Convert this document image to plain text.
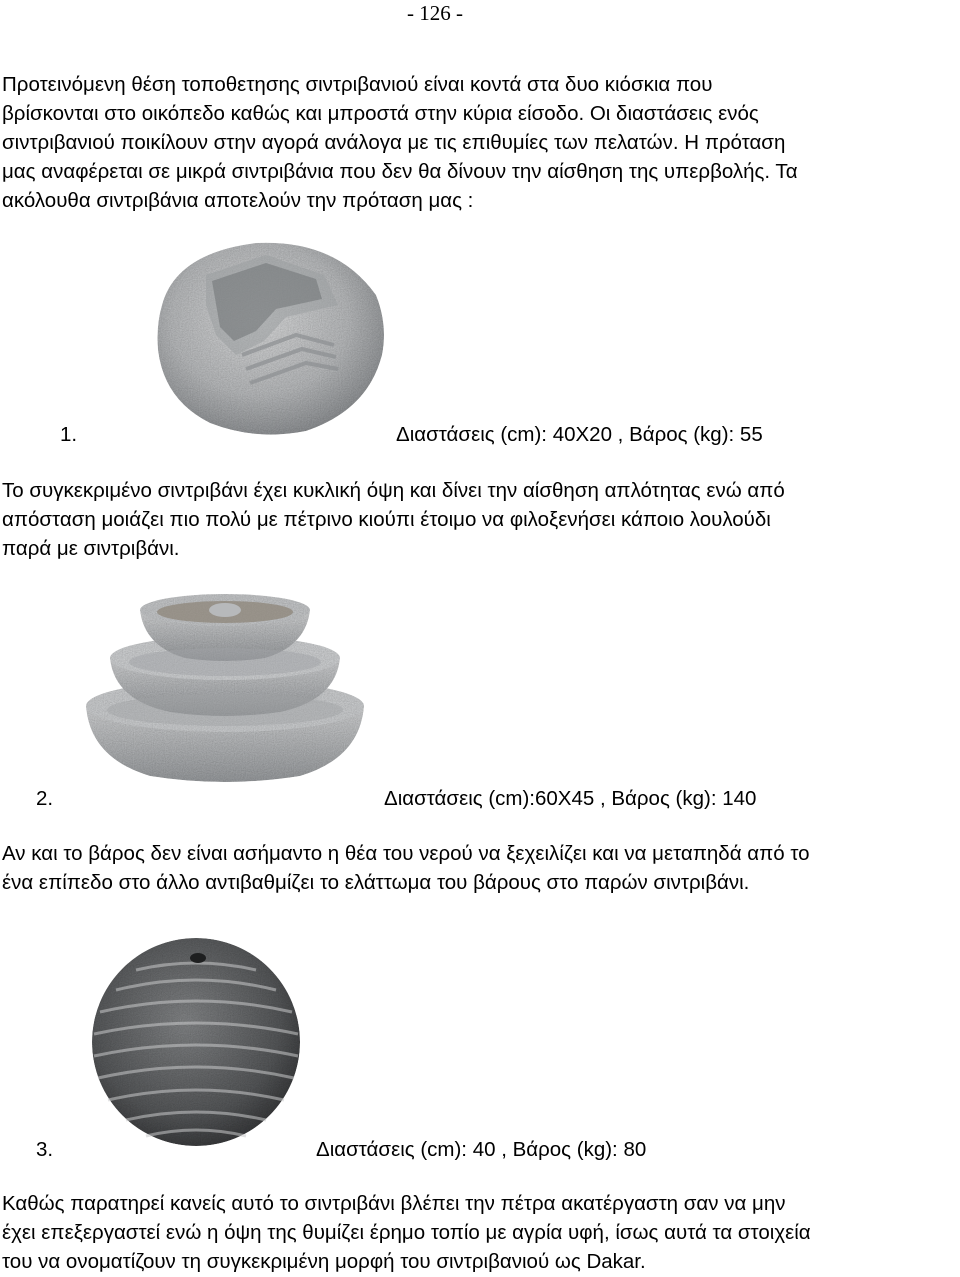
- 126 -

Προτεινόμενη θέση τοποθετησης σιντριβανιού είναι κοντά στα δυο κιόσκια που
βρίσκονται στο οικόπεδο καθώς και μπροστά στην κύρια είσοδο. Οι διαστάσεις ενός
σιντριβανιού ποικίλουν στην αγορά ανάλογα με τις επιθυμίες των πελατών. Η πρόταση
μας αναφέρεται σε μικρά σιντριβάνια που δεν θα δίνουν την αίσθηση της υπερβολής. Τα
ακόλουθα σιντριβάνια αποτελούν την πρόταση μας :

1.	Διαστάσεις (cm): 40Χ20 , Βάρος (kg): 55

Το συγκεκριμένο σιντριβάνι έχει κυκλική όψη και δίνει την αίσθηση απλότητας ενώ από
απόσταση μοιάζει πιο πολύ με πέτρινο κιούπι έτοιμο να φιλοξενήσει κάποιο λουλούδι
παρά με σιντριβάνι.

2.	Διαστάσεις (cm):60Χ45 , Βάρος (kg): 140

Αν και το βάρος δεν είναι ασήμαντο η θέα του νερού να ξεχειλίζει και να μεταπηδά από το
ένα επίπεδο στο άλλο αντιβαθμίζει το ελάττωμα του βάρους στο παρών σιντριβάνι.

3.	Διαστάσεις (cm): 40 , Βάρος (kg): 80

Καθώς παρατηρεί κανείς αυτό το σιντριβάνι βλέπει την πέτρα ακατέργαστη σαν να μην
έχει επεξεργαστεί ενώ η όψη της θυμίζει έρημο τοπίο με αγρία υφή, ίσως αυτά τα στοιχεία
του να ονοματίζουν τη συγκεκριμένη μορφή του σιντριβανιού ως Dakar.
